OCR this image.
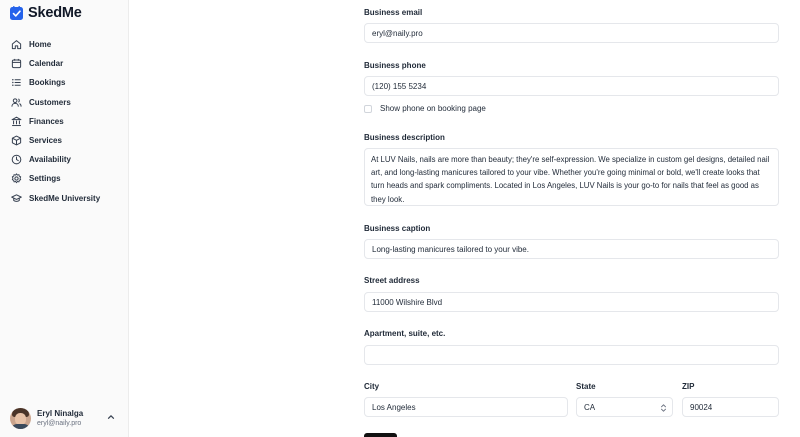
SkedMe
Home
Calendar
Bookings
Customers
Finances
Services
Availability
Settings
SkedMe University
Eryl Ninalga
eryl@naily.pro
Business email
eryl@naily.pro
Business phone
(120) 155 5234
Show phone on booking page
Business description
At LUV Nails, nails are more than beauty; they're self-expression. We specialize in custom gel designs, detailed nail art, and long-lasting manicures tailored to your vibe. Whether you're going minimal or bold, we'll create looks that turn heads and spark compliments. Located in Los Angeles, LUV Nails is your go-to for nails that feel as good as they look.
Business caption
Long-lasting manicures tailored to your vibe.
Street address
11000 Wilshire Blvd
Apartment, suite, etc.
City
Los Angeles
State
CA
ZIP
90024
